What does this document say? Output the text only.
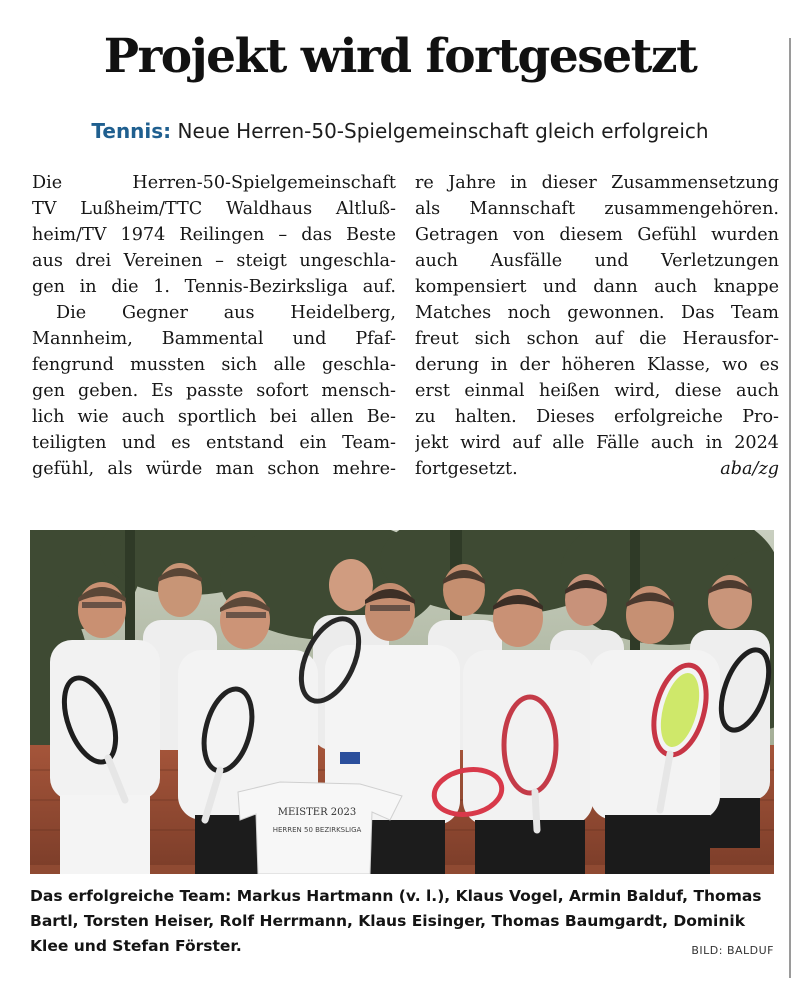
Projekt wird fortgesetzt
Tennis: Neue Herren-50-Spielgemeinschaft gleich erfolgreich
Die Herren-50-Spielgemeinschaft
TV Lußheim/TTC Waldhaus Altluß-
heim/TV 1974 Reilingen – das Beste
aus drei Vereinen – steigt ungeschla-
gen in die 1. Tennis-Bezirksliga auf.
Die Gegner aus Heidelberg,
Mannheim, Bammental und Pfaf-
fengrund mussten sich alle geschla-
gen geben. Es passte sofort mensch-
lich wie auch sportlich bei allen Be-
teiligten und es entstand ein Team-
gefühl, als würde man schon mehre-
re Jahre in dieser Zusammensetzung
als Mannschaft zusammengehören.
Getragen von diesem Gefühl wurden
auch Ausfälle und Verletzungen
kompensiert und dann auch knappe
Matches noch gewonnen. Das Team
freut sich schon auf die Herausfor-
derung in der höheren Klasse, wo es
erst einmal heißen wird, diese auch
zu halten. Dieses erfolgreiche Pro-
jekt wird auf alle Fälle auch in 2024
fortgesetzt.	aba/zg
MEISTER 2023
HERREN 50 BEZIRKSLIGA
Das erfolgreiche Team: Markus Hartmann (v. l.), Klaus Vogel, Armin Balduf, Thomas Bartl, Torsten Heiser, Rolf Herrmann, Klaus Eisinger, Thomas Baumgardt, Dominik Klee und Stefan Förster.	BILD: BALDUF
